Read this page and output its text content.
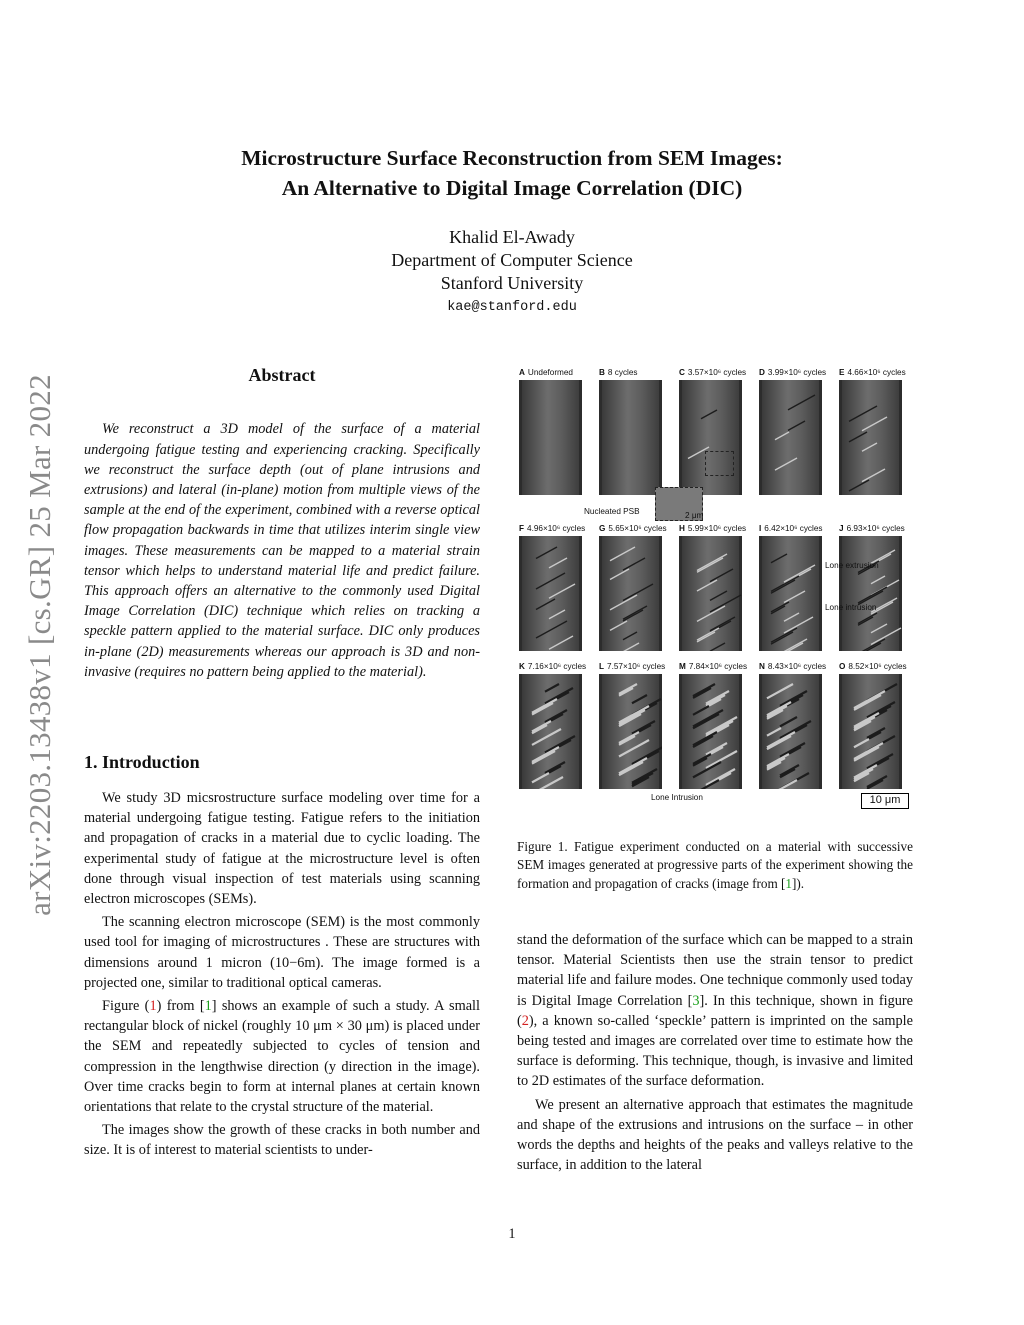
arXiv:2203.13438v1 [cs.GR] 25 Mar 2022
Microstructure Surface Reconstruction from SEM Images:
An Alternative to Digital Image Correlation (DIC)
Khalid El-Awady
Department of Computer Science
Stanford University
kae@stanford.edu
Abstract

We reconstruct a 3D model of the surface of a material undergoing fatigue testing and experiencing cracking. Specifically we reconstruct the surface depth (out of plane intrusions and extrusions) and lateral (in-plane) motion from multiple views of the sample at the end of the experiment, combined with a reverse optical flow propagation backwards in time that utilizes interim single view images. These measurements can be mapped to a material strain tensor which helps to understand material life and predict failure. This approach offers an alternative to the commonly used Digital Image Correlation (DIC) technique which relies on tracking a speckle pattern applied to the material surface. DIC only produces in-plane (2D) measurements whereas our approach is 3D and non-invasive (requires no pattern being applied to the material).

1. Introduction

We study 3D micsrostructure surface modeling over time for a material undergoing fatigue testing. Fatigue refers to the initiation and propagation of cracks in a material due to cyclic loading. The experimental study of fatigue at the microstructure level is often done through visual inspection of test materials using scanning electron microscopes (SEMs).

The scanning electron microscope (SEM) is the most commonly used tool for imaging of microstructures . These are structures with dimensions around 1 micron (10−6m). The image formed is a projected one, similar to traditional optical cameras.

Figure (1) from [1] shows an example of such a study. A small rectangular block of nickel (roughly 10 μm × 30 μm) is placed under the SEM and repeatedly subjected to cycles of tension and compression in the lengthwise direction (y direction in the image). Over time cracks begin to form at internal planes at certain known orientations that relate to the crystal structure of the material.

The images show the growth of these cracks in both number and size. It is of interest to material scientists to under-

stand the deformation of the surface which can be mapped to a strain tensor. Material Scientists then use the strain tensor to predict material life and failure modes. One technique commonly used today is Digital Image Correlation [3]. In this technique, shown in figure (2), a known so-called ‘speckle’ pattern is imprinted on the sample being tested and images are correlated over time to estimate how the surface is deforming. This technique, though, is invasive and limited to 2D estimates of the surface deformation.

We present an alternative approach that estimates the magnitude and shape of the extrusions and intrusions on the surface – in other words the depths and heights of the peaks and valleys relative to the surface, in addition to the lateral

A Undeformed	B 8 cycles	C 3.57×10⁶ cycles	D 3.99×10⁶ cycles	E 4.66×10⁶ cycles
F 4.96×10⁶ cycles	G 5.65×10⁶ cycles	H 5.99×10⁶ cycles	I 6.42×10⁶ cycles	J 6.93×10⁶ cycles
K 7.16×10⁶ cycles	L 7.57×10⁶ cycles	M 7.84×10⁶ cycles	N 8.43×10⁶ cycles	O 8.52×10⁶ cycles
Nucleated PSB	2 μm
Lone extrusion
Lone intrusion
Lone Intrusion	10 μm
Figure 1. Fatigue experiment conducted on a material with successive SEM images generated at progressive parts of the experiment showing the formation and propagation of cracks (image from [1]).
1
